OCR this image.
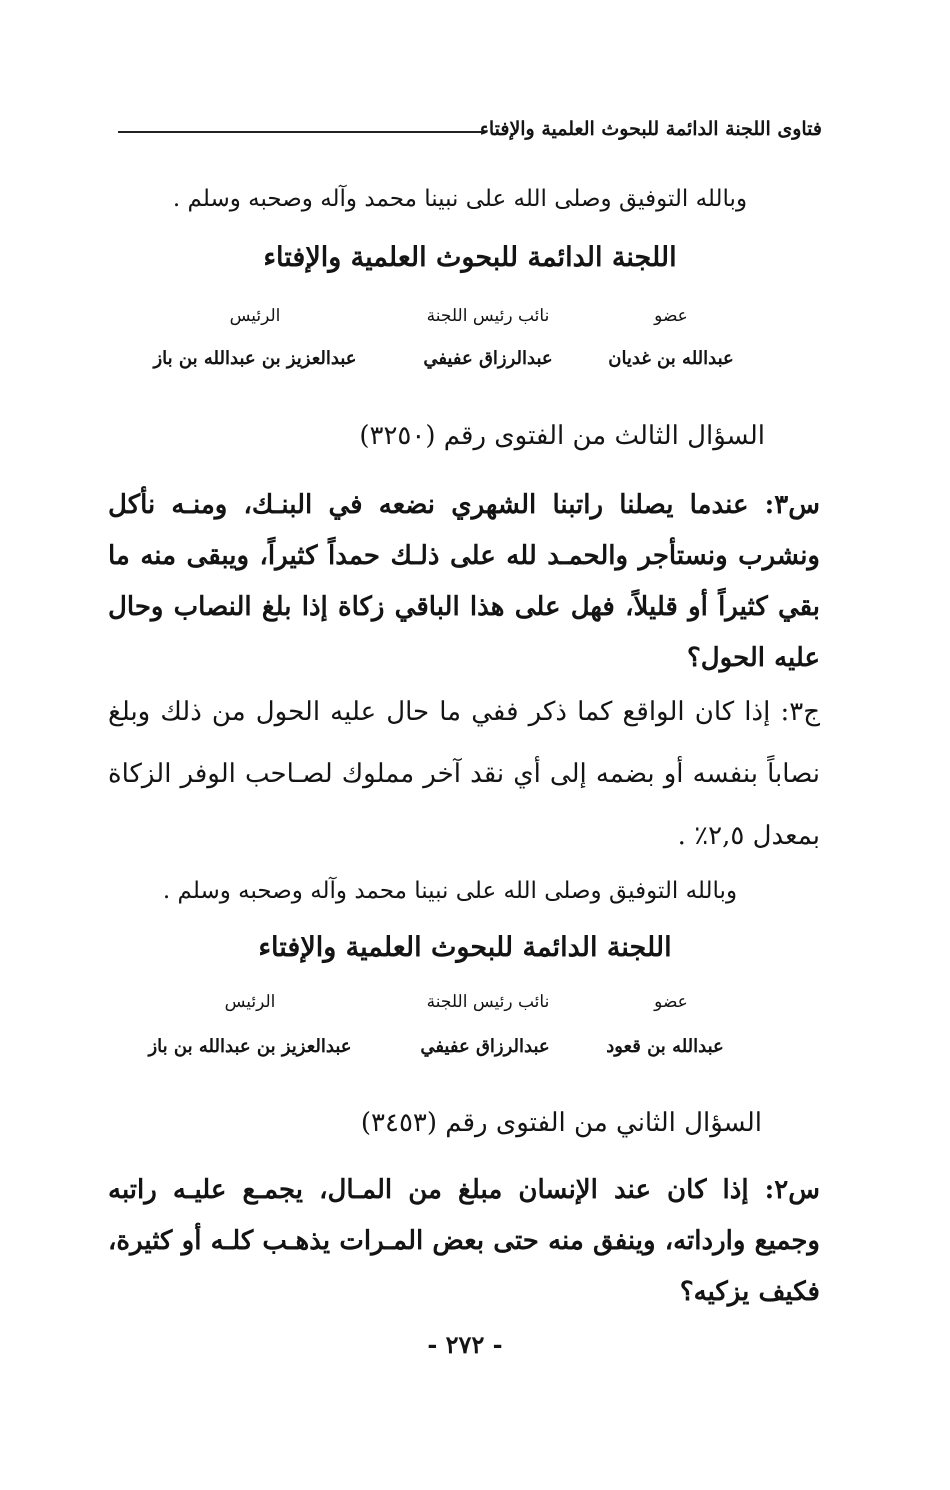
فتاوى اللجنة الدائمة للبحوث العلمية والإفتاء
وبالله التوفيق وصلى الله على نبينا محمد وآله وصحبه وسلم .
اللجنة الدائمة للبحوث العلمية والإفتاء
عضو
نائب رئيس اللجنة
الرئيس
عبدالله بن غديان
عبدالرزاق عفيفي
عبدالعزيز بن عبدالله بن باز
السؤال الثالث من الفتوى رقم (٣٢٥٠)
س٣: عندما يصلنا راتبنا الشهري نضعه في البنـك، ومنـه نأكل ونشرب ونستأجر والحمـد لله على ذلـك حمداً كثيراً، ويبقى منه ما بقي كثيراً أو قليلاً، فهل على هذا الباقي زكاة إذا بلغ النصاب وحال عليه الحول؟
ج٣: إذا كان الواقع كما ذكر ففي ما حال عليه الحول من ذلك وبلغ نصاباً بنفسه أو بضمه إلى أي نقد آخر مملوك لصـاحب الوفر الزكاة بمعدل ٢,٥٪ .
وبالله التوفيق وصلى الله على نبينا محمد وآله وصحبه وسلم .
اللجنة الدائمة للبحوث العلمية والإفتاء
عضو
نائب رئيس اللجنة
الرئيس
عبدالله بن قعود
عبدالرزاق عفيفي
عبدالعزيز بن عبدالله بن باز
السؤال الثاني من الفتوى رقم (٣٤٥٣)
س٢: إذا كان عند الإنسان مبلغ من المـال، يجمـع عليـه راتبه وجميع وارداته، وينفق منه حتى بعض المـرات يذهـب كلـه أو كثيرة، فكيف يزكيه؟
- ٢٧٢ -
